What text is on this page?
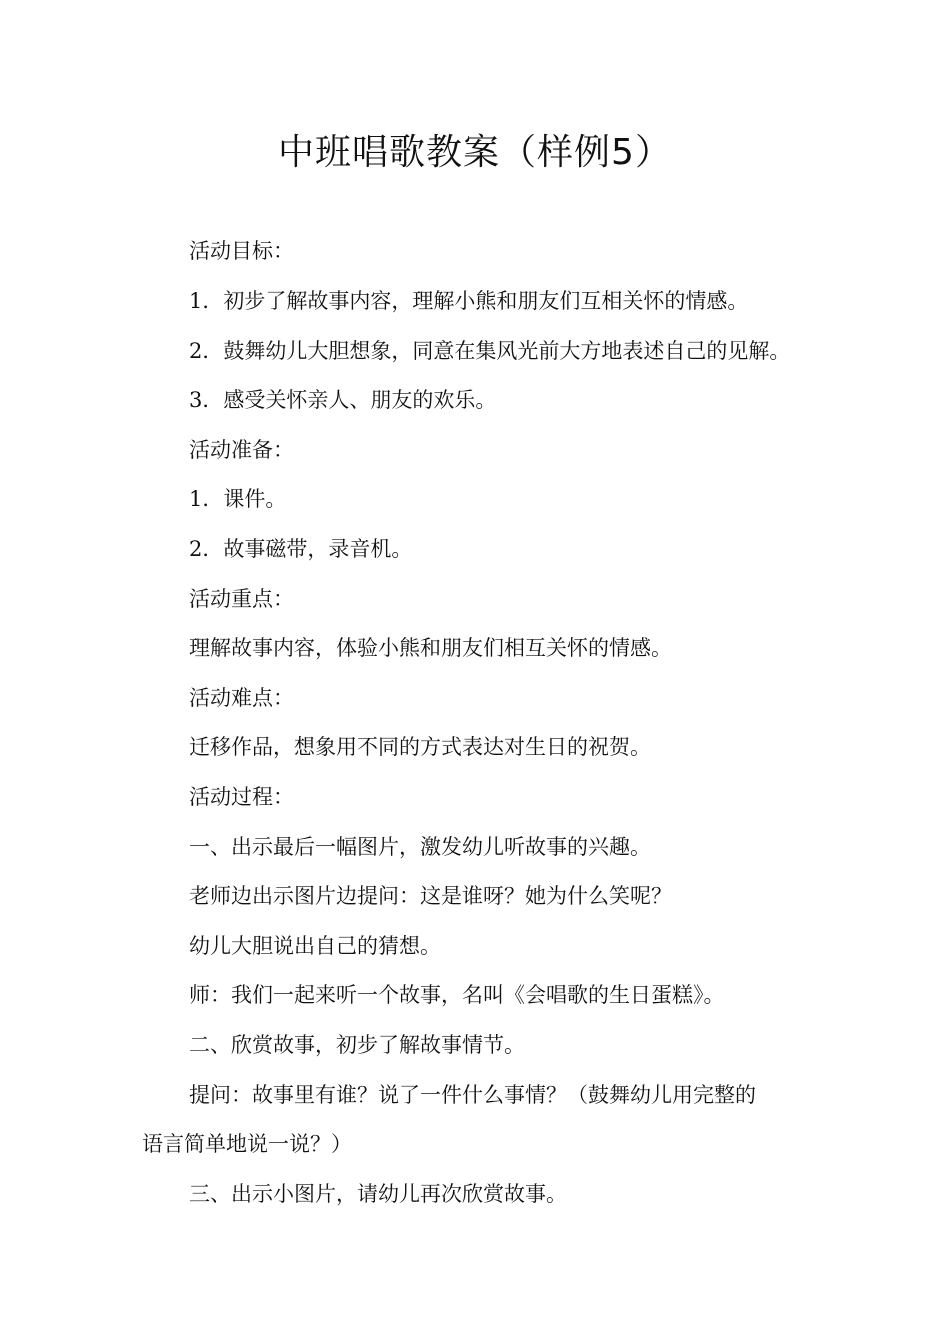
中班唱歌教案（样例5）

活动目标：

1．初步了解故事内容，理解小熊和朋友们互相关怀的情感。

2．鼓舞幼儿大胆想象，同意在集风光前大方地表述自己的见解。

3．感受关怀亲人、朋友的欢乐。

活动准备：

1．课件。

2．故事磁带，录音机。

活动重点：

理解故事内容，体验小熊和朋友们相互关怀的情感。

活动难点：

迁移作品，想象用不同的方式表达对生日的祝贺。

活动过程：

一、出示最后一幅图片，激发幼儿听故事的兴趣。

老师边出示图片边提问：这是谁呀？她为什么笑呢？

幼儿大胆说出自己的猜想。

师：我们一起来听一个故事，名叫《会唱歌的生日蛋糕》。

二、欣赏故事，初步了解故事情节。

提问：故事里有谁？说了一件什么事情？（鼓舞幼儿用完整的

语言简单地说一说？）

三、出示小图片，请幼儿再次欣赏故事。
